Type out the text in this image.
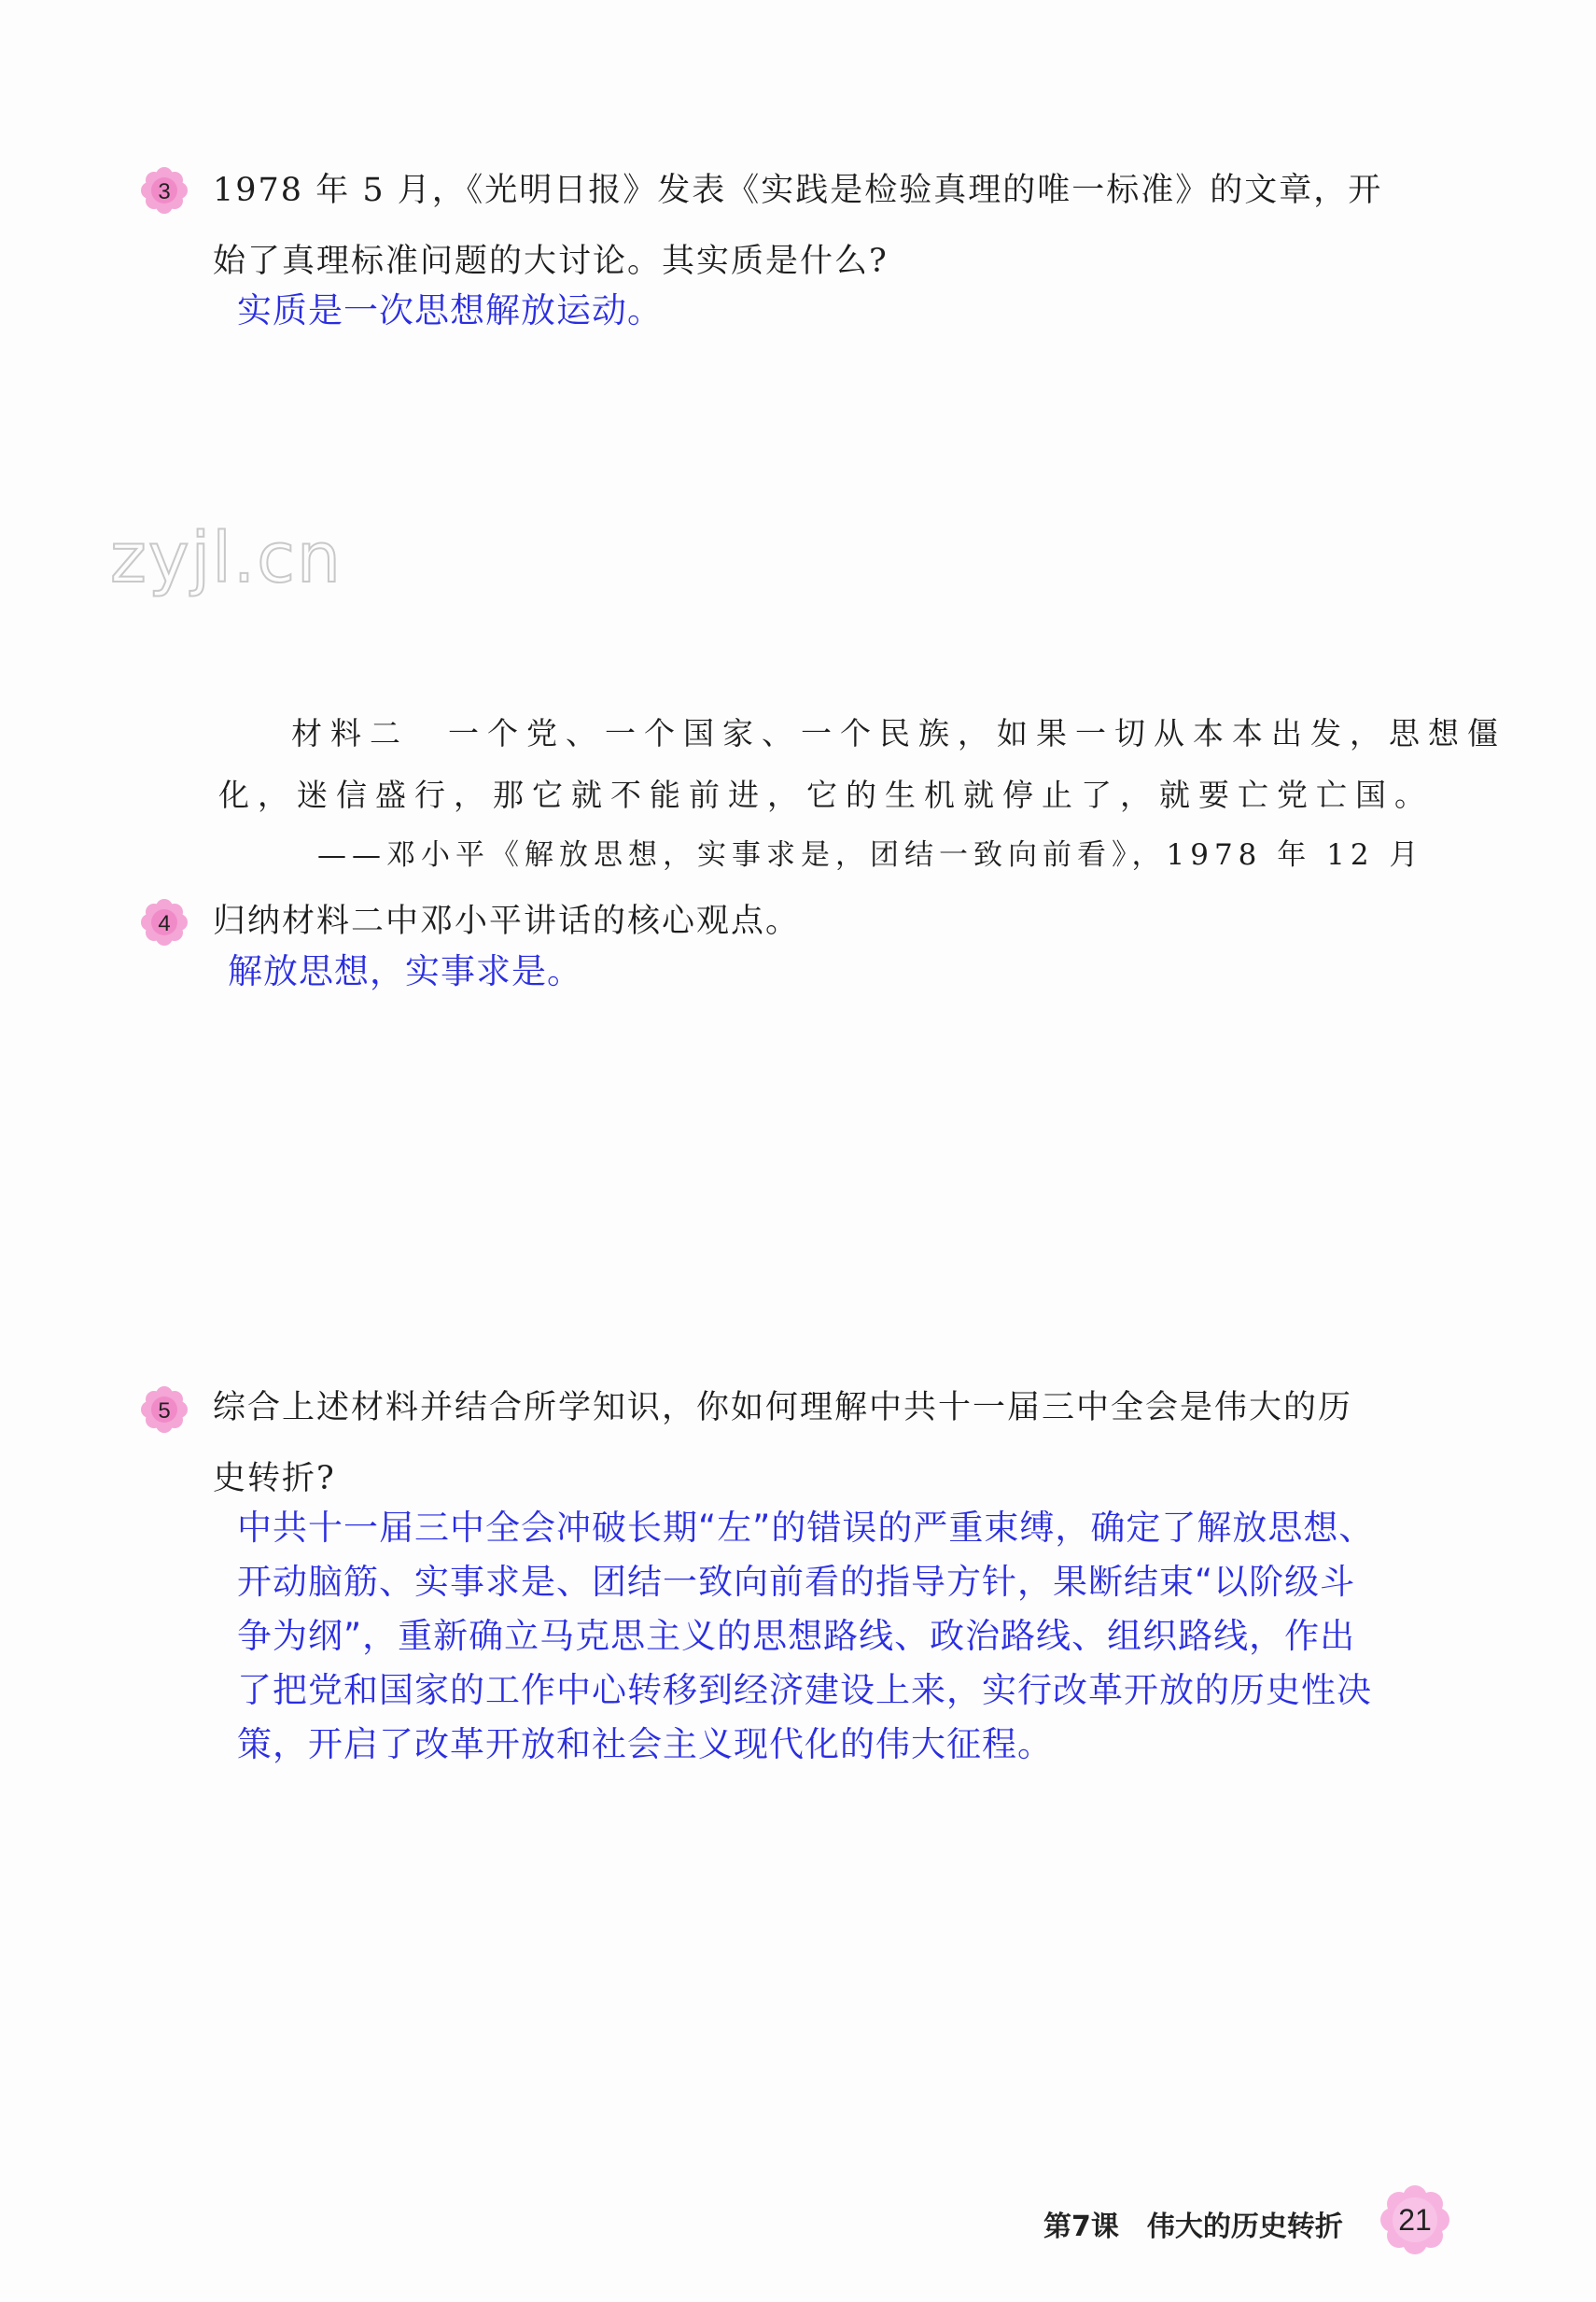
3 1978 年 5 月，《光明日报》发表《实践是检验真理的唯一标准》的文章，开
始了真理标准问题的大讨论。其实质是什么?
实质是一次思想解放运动。
zyjl.cn
材料二　一个党、一个国家、一个民族，如果一切从本本出发，思想僵
化，迷信盛行，那它就不能前进，它的生机就停止了，就要亡党亡国。
——邓小平《解放思想，实事求是，团结一致向前看》，1978 年 12 月
4 归纳材料二中邓小平讲话的核心观点。
解放思想，实事求是。
5 综合上述材料并结合所学知识，你如何理解中共十一届三中全会是伟大的历
史转折?
中共十一届三中全会冲破长期“左”的错误的严重束缚，确定了解放思想、
开动脑筋、实事求是、团结一致向前看的指导方针，果断结束“以阶级斗
争为纲”，重新确立马克思主义的思想路线、政治路线、组织路线，作出
了把党和国家的工作中心转移到经济建设上来，实行改革开放的历史性决
策，开启了改革开放和社会主义现代化的伟大征程。
第7课　伟大的历史转折 21
